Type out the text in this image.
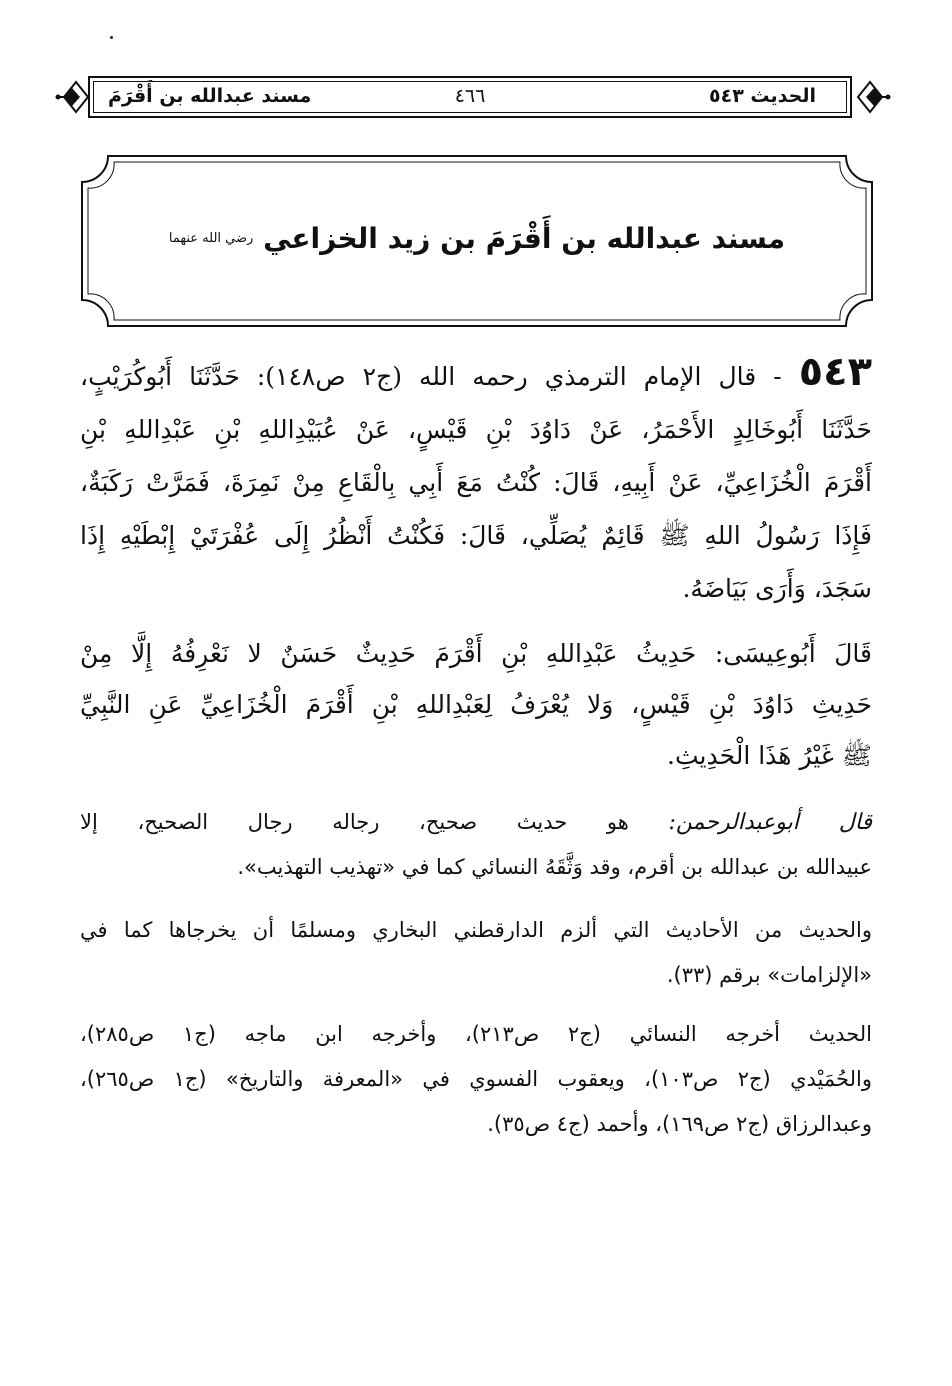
الحديث ٥٤٣
٤٦٦
مسند عبدالله بن أَقْرَمَ
مسند عبدالله بن أَقْرَمَ بن زيد الخزاعي $^{رضي الله عنهما}$
٥٤٣ - قال الإمام الترمذي رحمه الله (ج٢ ص١٤٨): حَدَّثَنَا أَبُوكُرَيْبٍ،
حَدَّثَنَا أَبُوخَالِدٍ الأَحْمَرُ، عَنْ دَاوُدَ بْنِ قَيْسٍ، عَنْ عُبَيْدِاللهِ بْنِ عَبْدِاللهِ بْنِ
أَقْرَمَ الْخُزَاعِيِّ، عَنْ أَبِيهِ، قَالَ: كُنْتُ مَعَ أَبِي بِالْقَاعِ مِنْ نَمِرَةَ، فَمَرَّتْ رَكَبَةٌ،
فَإِذَا رَسُولُ اللهِ ﷺ قَائِمٌ يُصَلِّي، قَالَ: فَكُنْتُ أَنْظُرُ إِلَى عُفْرَتَيْ إِبْطَيْهِ إِذَا
سَجَدَ، وَأَرَى بَيَاضَهُ.
قَالَ أَبُوعِيسَى: حَدِيثُ عَبْدِاللهِ بْنِ أَقْرَمَ حَدِيثٌ حَسَنٌ لا نَعْرِفُهُ إِلَّا مِنْ
حَدِيثِ دَاوُدَ بْنِ قَيْسٍ، وَلا يُعْرَفُ لِعَبْدِاللهِ بْنِ أَقْرَمَ الْخُزَاعِيِّ عَنِ النَّبِيِّ
ﷺ غَيْرُ هَذَا الْحَدِيثِ.
قال أبوعبدالرحمن: هو حديث صحيح، رجاله رجال الصحيح، إلا
عبيدالله بن عبدالله بن أقرم، وقد وَثَّقَهُ النسائي كما في «تهذيب التهذيب».
والحديث من الأحاديث التي ألزم الدارقطني البخاري ومسلمًا أن يخرجاها كما في
«الإلزامات» برقم (٣٣).
الحديث أخرجه النسائي (ج٢ ص٢١٣)، وأخرجه ابن ماجه (ج١ ص٢٨٥)،
والحُمَيْدي (ج٢ ص١٠٣)، ويعقوب الفسوي في «المعرفة والتاريخ» (ج١ ص٢٦٥)،
وعبدالرزاق (ج٢ ص١٦٩)، وأحمد (ج٤ ص٣٥).
